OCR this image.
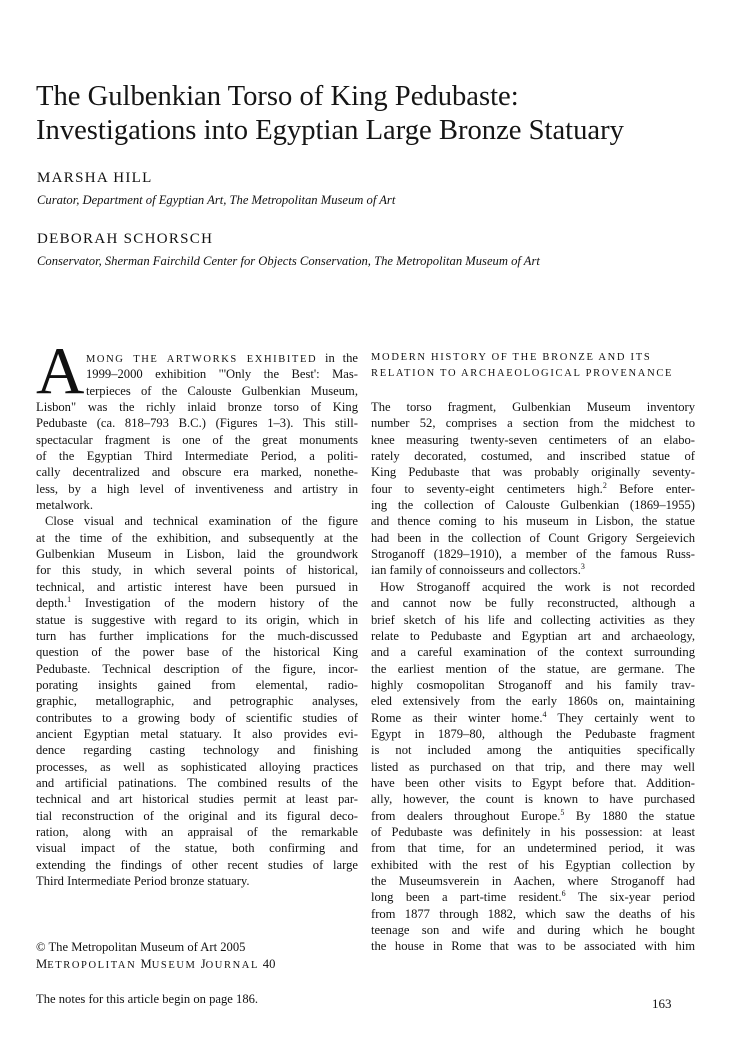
The Gulbenkian Torso of King Pedubaste:
Investigations into Egyptian Large Bronze Statuary
MARSHA HILL

Curator, Department of Egyptian Art, The Metropolitan Museum of Art

DEBORAH SCHORSCH

Conservator, Sherman Fairchild Center for Objects Conservation, The Metropolitan Museum of Art

A MONG THE ARTWORKS EXHIBITED in the
1999–2000 exhibition "'Only the Best': Mas-
terpieces of the Calouste Gulbenkian Museum,
Lisbon" was the richly inlaid bronze torso of King
Pedubaste (ca. 818–793 B.C.) (Figures 1–3). This still-
spectacular fragment is one of the great monuments
of the Egyptian Third Intermediate Period, a politi-
cally decentralized and obscure era marked, nonethe-
less, by a high level of inventiveness and artistry in
metalwork.
Close visual and technical examination of the figure
at the time of the exhibition, and subsequently at the
Gulbenkian Museum in Lisbon, laid the groundwork
for this study, in which several points of historical,
technical, and artistic interest have been pursued in
depth.$^1$ Investigation of the modern history of the
statue is suggestive with regard to its origin, which in
turn has further implications for the much-discussed
question of the power base of the historical King
Pedubaste. Technical description of the figure, incor-
porating insights gained from elemental, radio-
graphic, metallographic, and petrographic analyses,
contributes to a growing body of scientific studies of
ancient Egyptian metal statuary. It also provides evi-
dence regarding casting technology and finishing
processes, as well as sophisticated alloying practices
and artificial patinations. The combined results of the
technical and art historical studies permit at least par-
tial reconstruction of the original and its figural deco-
ration, along with an appraisal of the remarkable
visual impact of the statue, both confirming and
extending the findings of other recent studies of large
Third Intermediate Period bronze statuary.
MODERN HISTORY OF THE BRONZE AND ITS
RELATION TO ARCHAEOLOGICAL PROVENANCE
The torso fragment, Gulbenkian Museum inventory
number 52, comprises a section from the midchest to
knee measuring twenty-seven centimeters of an elabo-
rately decorated, costumed, and inscribed statue of
King Pedubaste that was probably originally seventy-
four to seventy-eight centimeters high.$^2$ Before enter-
ing the collection of Calouste Gulbenkian (1869–1955)
and thence coming to his museum in Lisbon, the statue
had been in the collection of Count Grigory Sergeievich
Stroganoff (1829–1910), a member of the famous Russ-
ian family of connoisseurs and collectors.$^3$
How Stroganoff acquired the work is not recorded
and cannot now be fully reconstructed, although a
brief sketch of his life and collecting activities as they
relate to Pedubaste and Egyptian art and archaeology,
and a careful examination of the context surrounding
the earliest mention of the statue, are germane. The
highly cosmopolitan Stroganoff and his family trav-
eled extensively from the early 1860s on, maintaining
Rome as their winter home.$^4$ They certainly went to
Egypt in 1879–80, although the Pedubaste fragment
is not included among the antiquities specifically
listed as purchased on that trip, and there may well
have been other visits to Egypt before that. Addition-
ally, however, the count is known to have purchased
from dealers throughout Europe.$^5$ By 1880 the statue
of Pedubaste was definitely in his possession: at least
from that time, for an undetermined period, it was
exhibited with the rest of his Egyptian collection by
the Museumsverein in Aachen, where Stroganoff had
long been a part-time resident.$^6$ The six-year period
from 1877 through 1882, which saw the deaths of his
teenage son and wife and during which he bought
the house in Rome that was to be associated with him
© The Metropolitan Museum of Art 2005
METROPOLITAN MUSEUM JOURNAL 40
The notes for this article begin on page 186.	163
